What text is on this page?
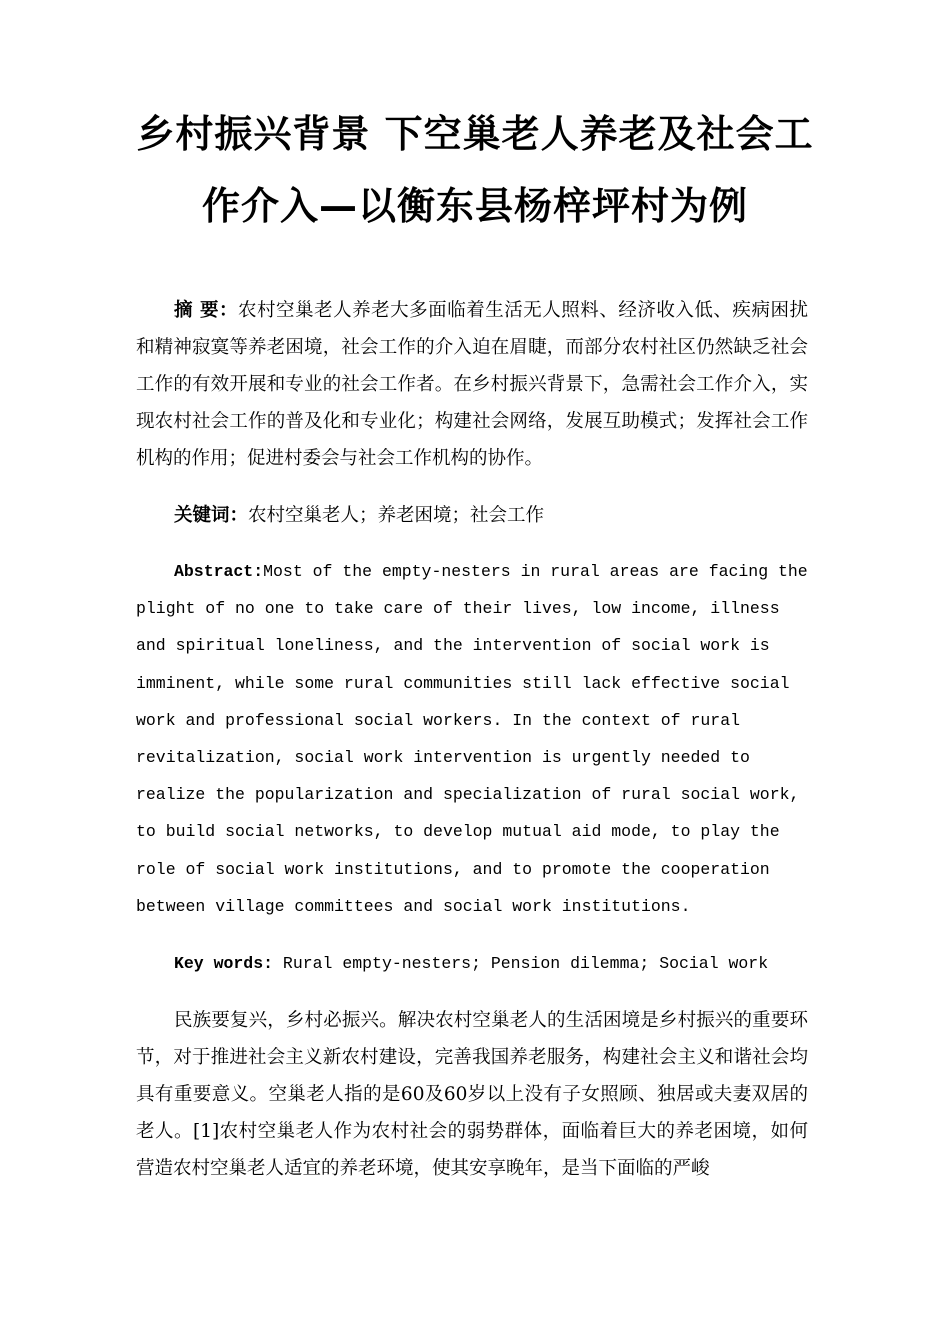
乡村振兴背景 下空巢老人养老及社会工作介入—以衡东县杨梓坪村为例

摘 要：农村空巢老人养老大多面临着生活无人照料、经济收入低、疾病困扰和精神寂寞等养老困境，社会工作的介入迫在眉睫，而部分农村社区仍然缺乏社会工作的有效开展和专业的社会工作者。在乡村振兴背景下，急需社会工作介入，实现农村社会工作的普及化和专业化；构建社会网络，发展互助模式；发挥社会工作机构的作用；促进村委会与社会工作机构的协作。

关键词：农村空巢老人；养老困境；社会工作

Abstract:Most of the empty-nesters in rural areas are facing the plight of no one to take care of their lives, low income, illness and spiritual loneliness, and the intervention of social work is imminent, while some rural communities still lack effective social work and professional social workers. In the context of rural revitalization, social work intervention is urgently needed to realize the popularization and specialization of rural social work, to build social networks, to develop mutual aid mode, to play the role of social work institutions, and to promote the cooperation between village committees and social work institutions.

Key words: Rural empty-nesters; Pension dilemma; Social work

民族要复兴，乡村必振兴。解决农村空巢老人的生活困境是乡村振兴的重要环节，对于推进社会主义新农村建设，完善我国养老服务，构建社会主义和谐社会均具有重要意义。空巢老人指的是60及60岁以上没有子女照顾、独居或夫妻双居的老人。[1]农村空巢老人作为农村社会的弱势群体，面临着巨大的养老困境，如何营造农村空巢老人适宜的养老环境，使其安享晚年，是当下面临的严峻
